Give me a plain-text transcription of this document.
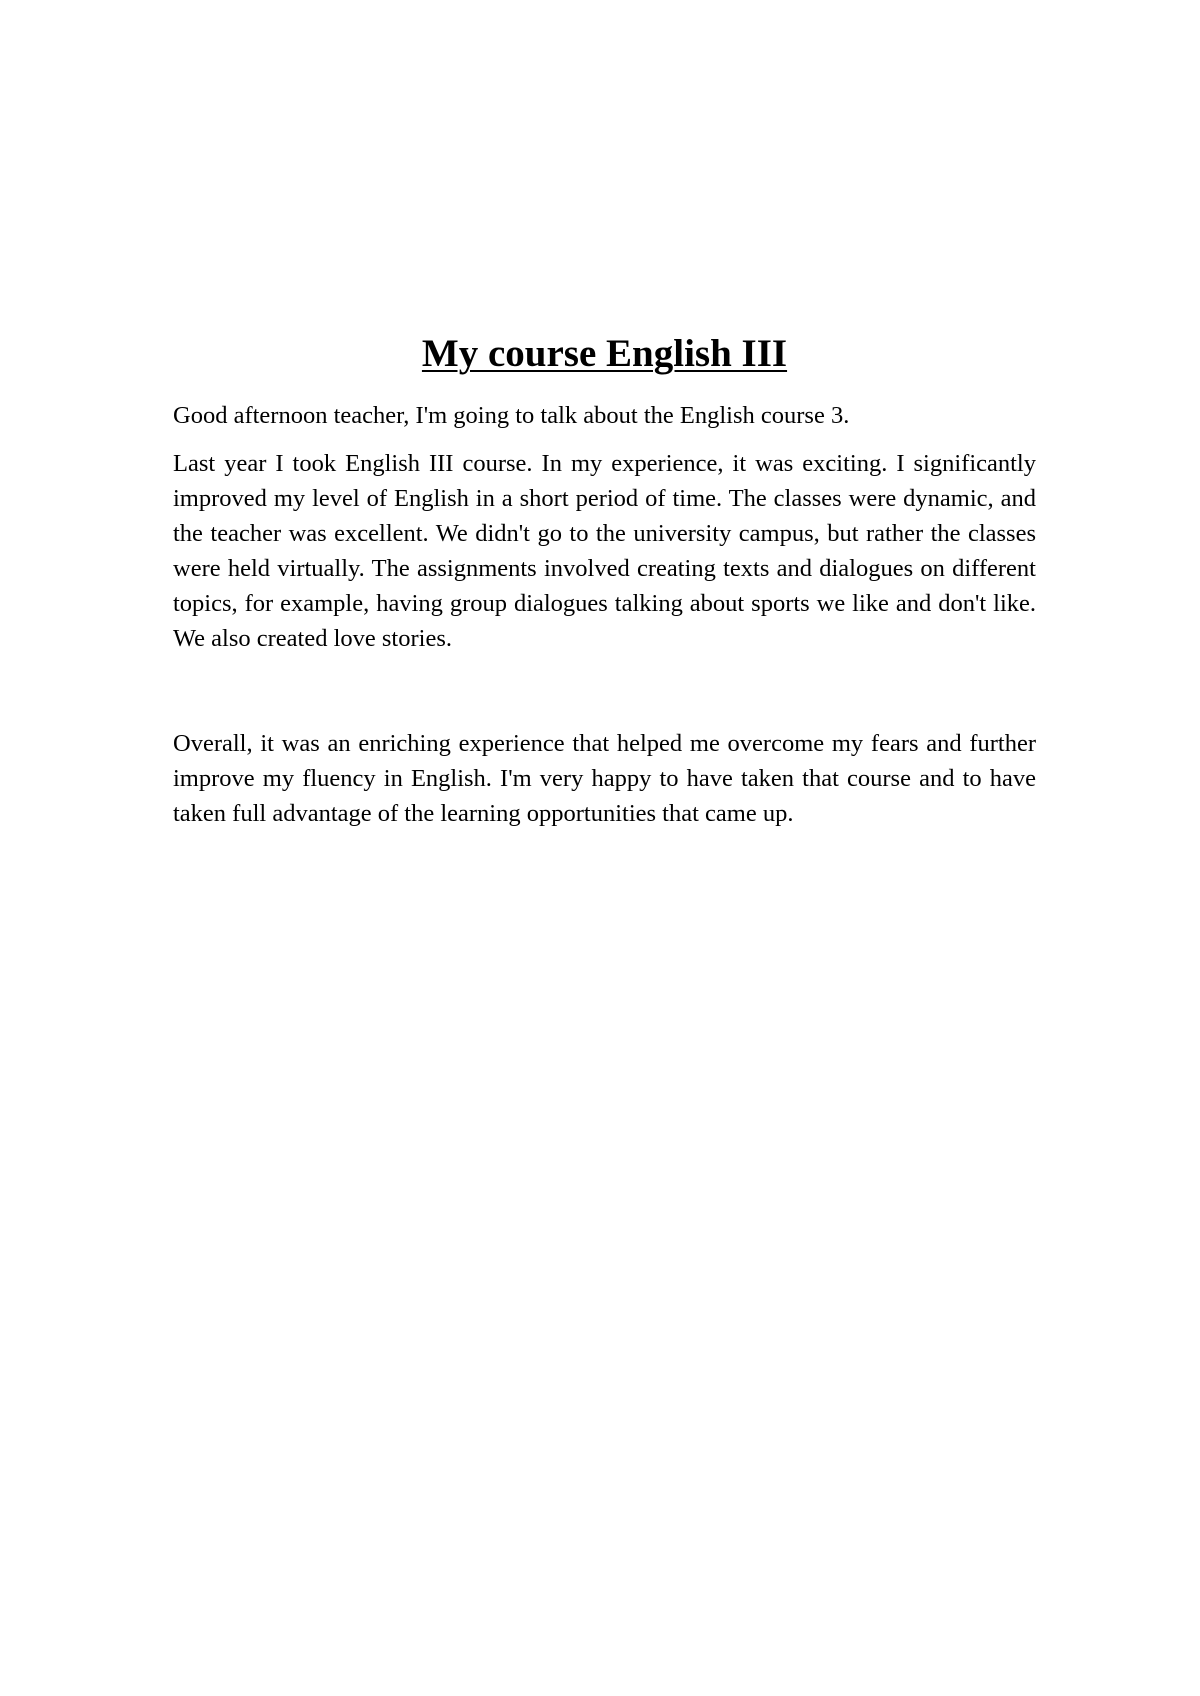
My course English III

Good afternoon teacher, I'm going to talk about the English course 3.

Last year I took English III course. In my experience, it was exciting. I significantly improved my level of English in a short period of time. The classes were dynamic, and the teacher was excellent. We didn't go to the university campus, but rather the classes were held virtually. The assignments involved creating texts and dialogues on different topics, for example, having group dialogues talking about sports we like and don't like. We also created love stories.

Overall, it was an enriching experience that helped me overcome my fears and further improve my fluency in English. I'm very happy to have taken that course and to have taken full advantage of the learning opportunities that came up.
